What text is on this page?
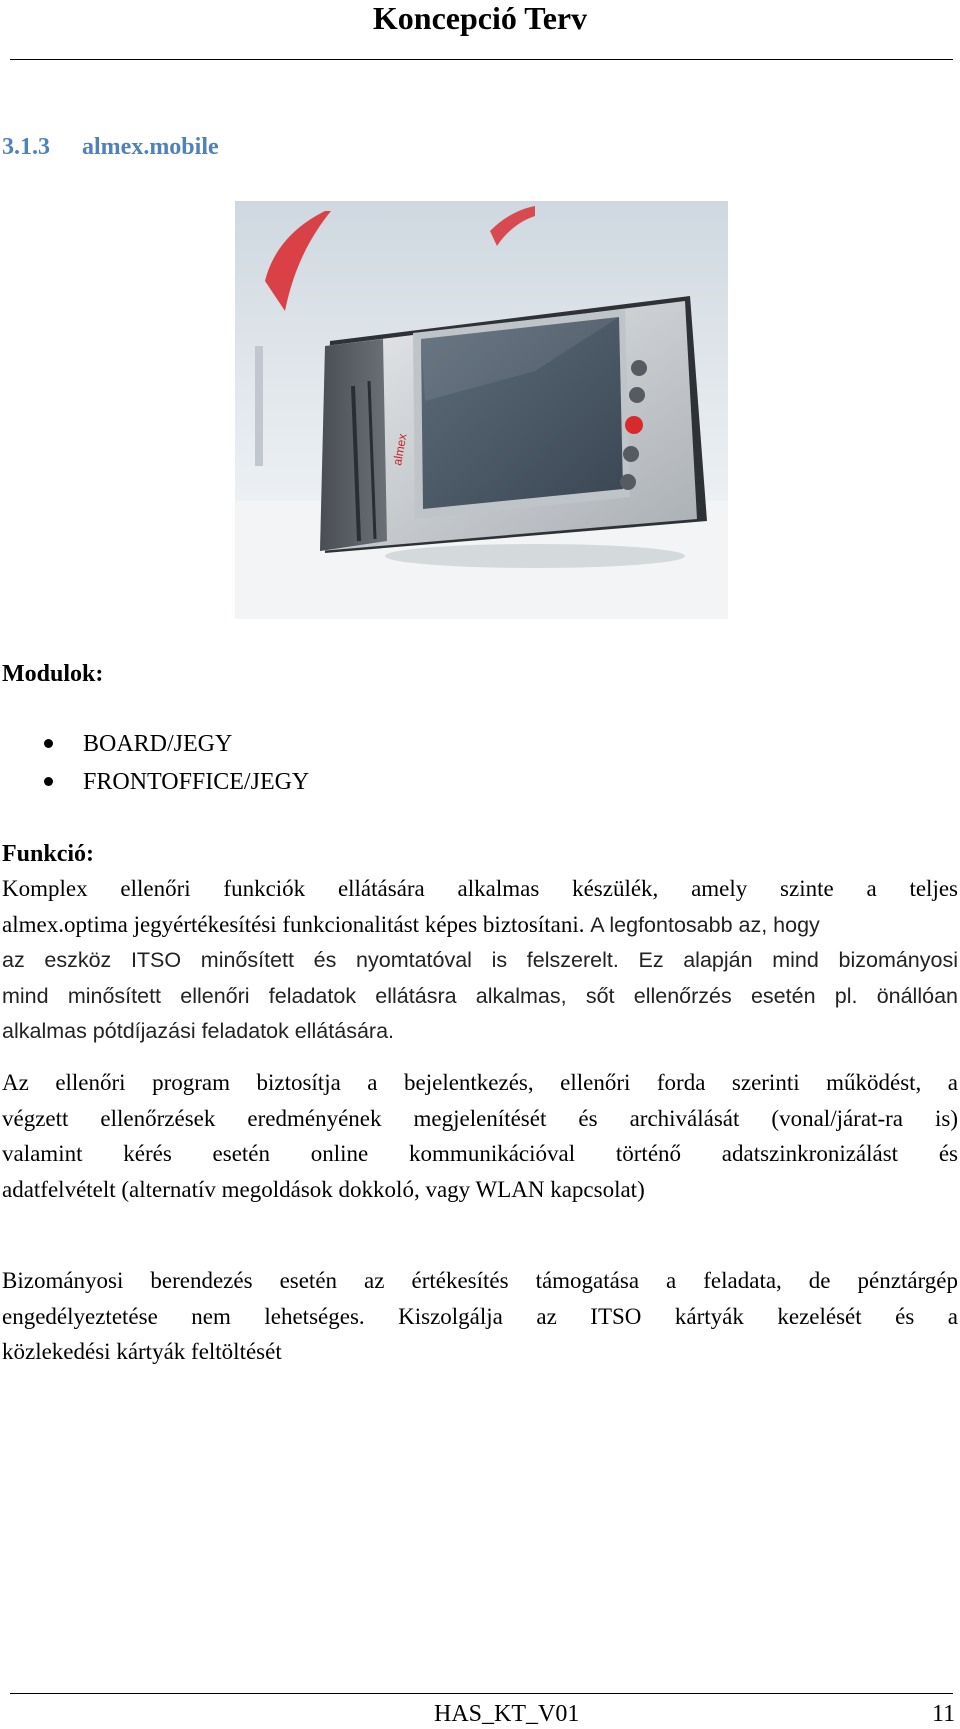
Koncepció Terv
3.1.3 almex.mobile
almex
Modulok:
BOARD/JEGY
FRONTOFFICE/JEGY
Funkció:
Komplex ellenőri funkciók ellátására alkalmas készülék, amely szinte a teljes
almex.optima jegyértékesítési funkcionalitást képes biztosítani. A legfontosabb az, hogy
az eszköz ITSO minősített és nyomtatóval is felszerelt. Ez alapján mind bizományosi
mind minősített ellenőri feladatok ellátásra alkalmas, sőt ellenőrzés esetén pl. önállóan
alkalmas pótdíjazási feladatok ellátására.
Az ellenőri program biztosítja a bejelentkezés, ellenőri forda szerinti működést, a
végzett ellenőrzések eredményének megjelenítését és archiválását (vonal/járat-ra is)
valamint kérés esetén online kommunikációval történő adatszinkronizálást és
adatfelvételt (alternatív megoldások dokkoló, vagy WLAN kapcsolat)
Bizományosi berendezés esetén az értékesítés támogatása a feladata, de pénztárgép
engedélyeztetése nem lehetséges. Kiszolgálja az ITSO kártyák kezelését és a
közlekedési kártyák feltöltését
HAS_KT_V01	11
